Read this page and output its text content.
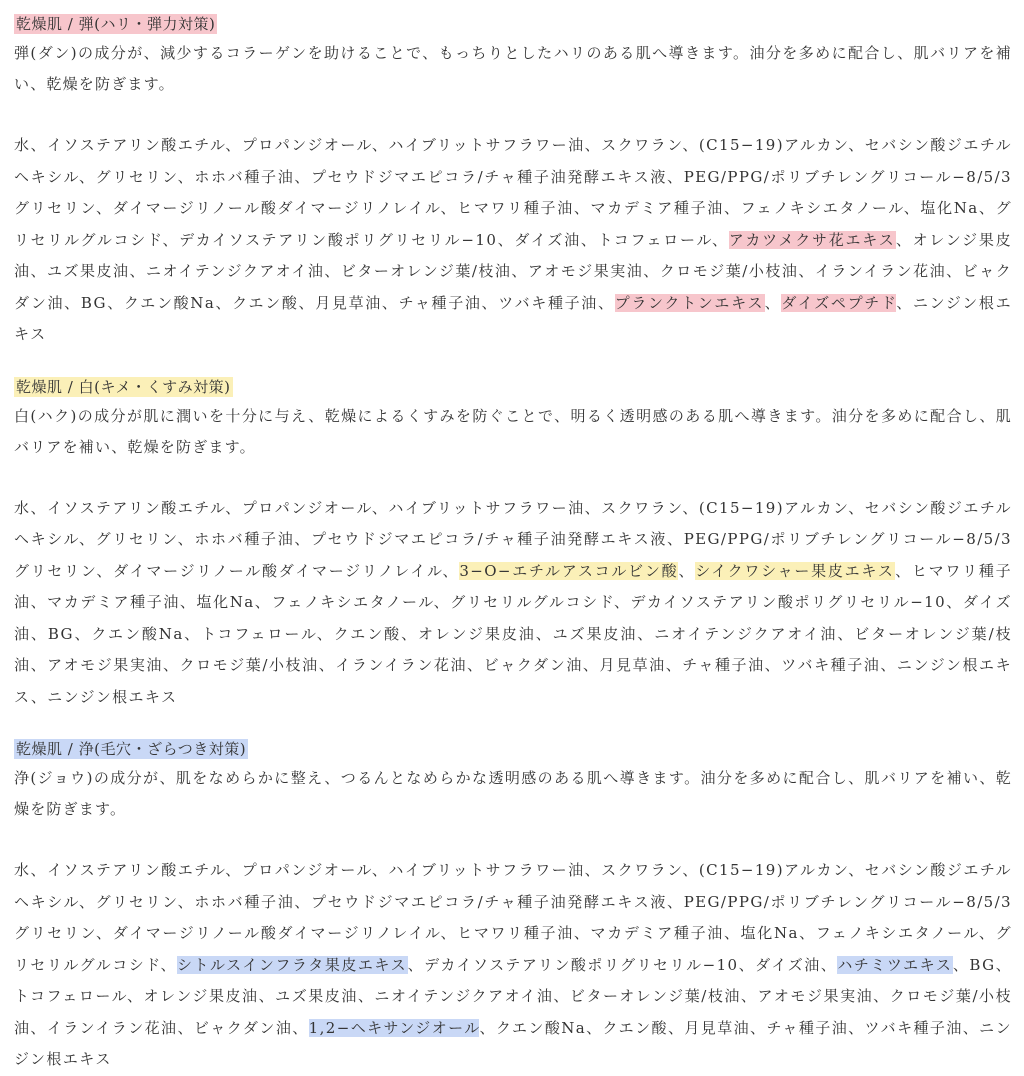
乾燥肌 / 弾(ハリ・弾力対策)

弾(ダン)の成分が、減少するコラーゲンを助けることで、もっちりとしたハリのある肌へ導きます。油分を多めに配合し、肌バリアを補い、乾燥を防ぎます。

水、イソステアリン酸エチル、プロパンジオール、ハイブリットサフラワー油、スクワラン、(C15−19)アルカン、セバシン酸ジエチルヘキシル、グリセリン、ホホバ種子油、プセウドジマエピコラ/チャ種子油発酵エキス液、PEG/PPG/ポリブチレングリコール−8/5/3グリセリン、ダイマージリノール酸ダイマージリノレイル、ヒマワリ種子油、マカデミア種子油、フェノキシエタノール、塩化Na、グリセリルグルコシド、デカイソステアリン酸ポリグリセリル−10、ダイズ油、トコフェロール、アカツメクサ花エキス、オレンジ果皮油、ユズ果皮油、ニオイテンジクアオイ油、ビターオレンジ葉/枝油、アオモジ果実油、クロモジ葉/小枝油、イランイラン花油、ビャクダン油、BG、クエン酸Na、クエン酸、月見草油、チャ種子油、ツバキ種子油、プランクトンエキス、ダイズペプチド、ニンジン根エキス

乾燥肌 / 白(キメ・くすみ対策)

白(ハク)の成分が肌に潤いを十分に与え、乾燥によるくすみを防ぐことで、明るく透明感のある肌へ導きます。油分を多めに配合し、肌バリアを補い、乾燥を防ぎます。

水、イソステアリン酸エチル、プロパンジオール、ハイブリットサフラワー油、スクワラン、(C15−19)アルカン、セバシン酸ジエチルヘキシル、グリセリン、ホホバ種子油、プセウドジマエピコラ/チャ種子油発酵エキス液、PEG/PPG/ポリブチレングリコール−8/5/3グリセリン、ダイマージリノール酸ダイマージリノレイル、3−O−エチルアスコルビン酸、シイクワシャー果皮エキス、ヒマワリ種子油、マカデミア種子油、塩化Na、フェノキシエタノール、グリセリルグルコシド、デカイソステアリン酸ポリグリセリル−10、ダイズ油、BG、クエン酸Na、トコフェロール、クエン酸、オレンジ果皮油、ユズ果皮油、ニオイテンジクアオイ油、ビターオレンジ葉/枝油、アオモジ果実油、クロモジ葉/小枝油、イランイラン花油、ビャクダン油、月見草油、チャ種子油、ツバキ種子油、ニンジン根エキス、ニンジン根エキス

乾燥肌 / 浄(毛穴・ざらつき対策)

浄(ジョウ)の成分が、肌をなめらかに整え、つるんとなめらかな透明感のある肌へ導きます。油分を多めに配合し、肌バリアを補い、乾燥を防ぎます。

水、イソステアリン酸エチル、プロパンジオール、ハイブリットサフラワー油、スクワラン、(C15−19)アルカン、セバシン酸ジエチルヘキシル、グリセリン、ホホバ種子油、プセウドジマエピコラ/チャ種子油発酵エキス液、PEG/PPG/ポリブチレングリコール−8/5/3グリセリン、ダイマージリノール酸ダイマージリノレイル、ヒマワリ種子油、マカデミア種子油、塩化Na、フェノキシエタノール、グリセリルグルコシド、シトルスインフラタ果皮エキス、デカイソステアリン酸ポリグリセリル−10、ダイズ油、ハチミツエキス、BG、トコフェロール、オレンジ果皮油、ユズ果皮油、ニオイテンジクアオイ油、ビターオレンジ葉/枝油、アオモジ果実油、クロモジ葉/小枝油、イランイラン花油、ビャクダン油、1,2−ヘキサンジオール、クエン酸Na、クエン酸、月見草油、チャ種子油、ツバキ種子油、ニンジン根エキス
